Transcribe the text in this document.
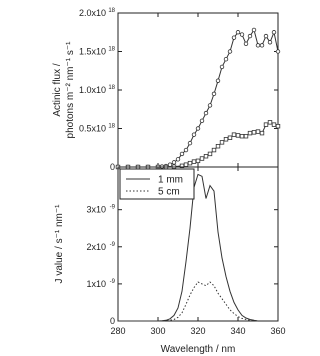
0
0.5x10 18
1.0x10 18
1.5x10 18
2.0x10 18
Actinic flux / photons m⁻² nm⁻¹ s⁻¹
0
1x10 -9
2x10 -9
3x10 -9
280	300	320	340	360
J value / s⁻¹ nm⁻¹
Wavelength / nm
1 mm
5 cm
